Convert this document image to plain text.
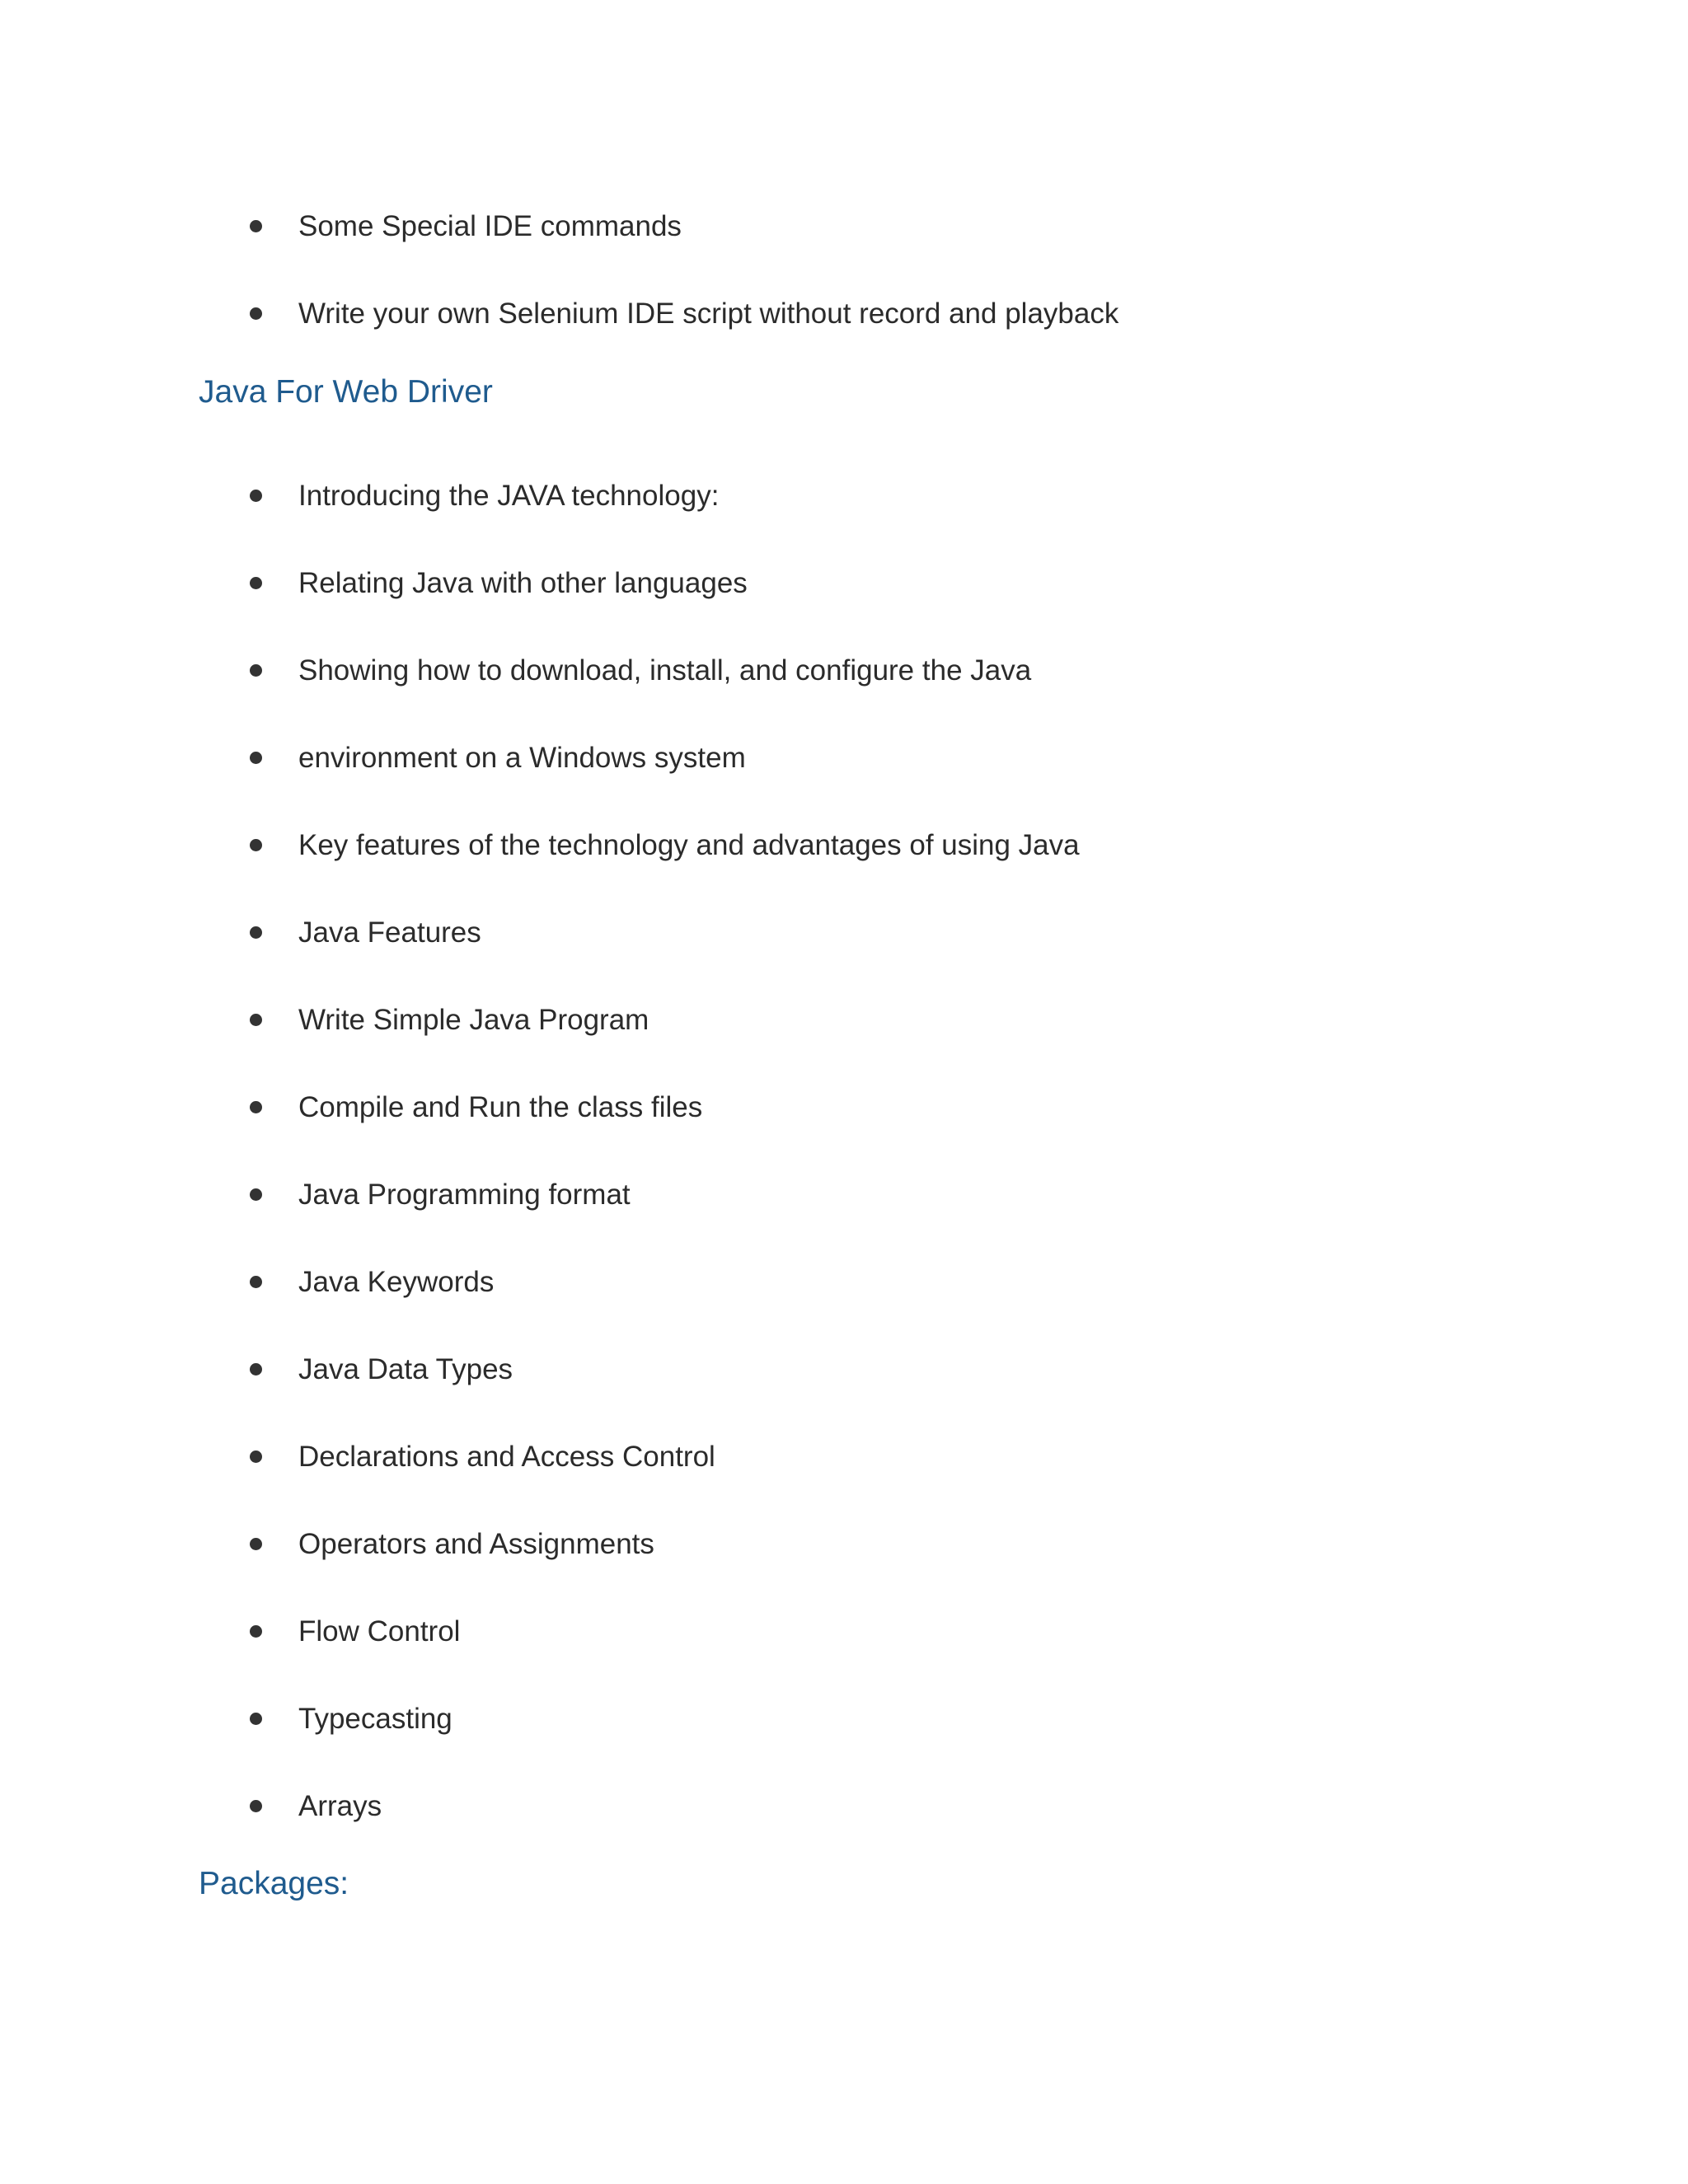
Some Special IDE commands
Write your own Selenium IDE script without record and playback
Java For Web Driver
Introducing the JAVA technology:
Relating Java with other languages
Showing how to download, install, and configure the Java
environment on a Windows system
Key features of the technology and advantages of using Java
Java Features
Write Simple Java Program
Compile and Run the class files
Java Programming format
Java Keywords
Java Data Types
Declarations and Access Control
Operators and Assignments
Flow Control
Typecasting
Arrays
Packages:
